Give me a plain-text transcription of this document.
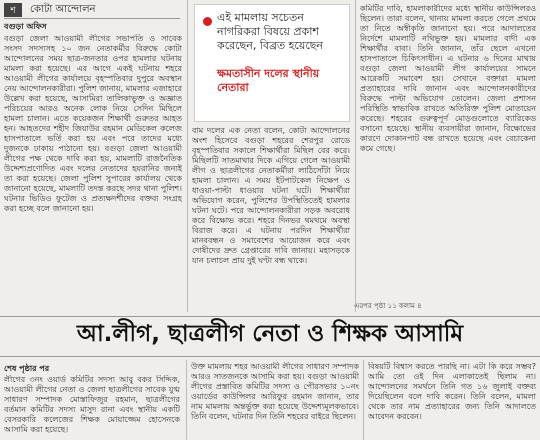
শ	কোটা আন্দোলন
বগুড়া অফিস

বগুড়া জেলা আওয়ামী লীগের সভাপতি ও সাবেক সংসদ সদস্যসহ ১০ জন নেতাকর্মীর বিরুদ্ধে কোটা আন্দোলনের সময় ছাত্র-জনতার ওপর হামলার ঘটনায় মামলা করা হয়েছে। এর আগে একই ঘটনায় শহরে আওয়ামী লীগের কার্যালয়ে বৃহস্পতিবার দুপুরে অবস্থান নেয় আন্দোলনকারীরা। পুলিশ জানায়, মামলার এজাহারে উল্লেখ করা হয়েছে, আসামিরা তালিকাভুক্ত ও অজ্ঞাত পরিচয়ের আরও অনেক লোক নিয়ে সেদিন মিছিলে হামলা চালান। এতে কয়েকজন শিক্ষার্থী গুরুতর আহত হন। আহতদের শহীদ জিয়াউর রহমান মেডিকেল কলেজ হাসপাতালে ভর্তি করা হয় এবং পরে তাদের মধ্যে দুজনকে ঢাকায় পাঠানো হয়। বগুড়া জেলা আওয়ামী লীগের পক্ষ থেকে দাবি করা হয়, মামলাটি রাজনৈতিক উদ্দেশ্যপ্রণোদিত এবং দলের নেতাদের হয়রানির জন্যই তা করা হয়েছে। জেলা পুলিশ সুপারের কার্যালয় থেকে জানানো হয়েছে, মামলাটি তদন্ত করছে সদর থানা পুলিশ। ঘটনার ভিডিও ফুটেজ ও প্রত্যক্ষদর্শীদের বক্তব্য সংগ্রহ করা হচ্ছে বলে জানানো হয়।

এই মামলায় সচেতন নাগরিকরা বিষয়ে প্রকাশ করেছেন, বিব্রত হয়েছেন
ক্ষমতাসীন দলের স্থানীয় নেতারা

বাম দলের এক নেতা বলেন, কোটা আন্দোলনের অংশ হিসেবে বগুড়া শহরের শেরপুর রোডে বৃহস্পতিবার সকালে শিক্ষার্থীরা মিছিল বের করে। মিছিলটি সাতমাথার দিকে এগিয়ে গেলে আওয়ামী লীগ ও ছাত্রলীগের নেতাকর্মীরা লাঠিসোঁটা নিয়ে হামলা চালান। এ সময় ইটপাটকেল নিক্ষেপ ও ধাওয়া-পাল্টা ধাওয়ার ঘটনা ঘটে। শিক্ষার্থীরা অভিযোগ করেন, পুলিশের উপস্থিতিতেই হামলার ঘটনা ঘটে। পরে আন্দোলনকারীরা সড়ক অবরোধ করে বিক্ষোভ করে। শহরে দিনভর থমথমে অবস্থা বিরাজ করে। এ ঘটনায় পরদিন শিক্ষার্থীরা মানববন্ধন ও সমাবেশের আয়োজন করে এবং দোষীদের দ্রুত গ্রেপ্তারের দাবি জানায়। মহাসড়কে যান চলাচল প্রায় দুই ঘণ্টা বন্ধ থাকে।

কমিটির দাবি, হামলাকারীদের মধ্যে স্থানীয় কাউন্সিলরও ছিলেন। তারা বলেন, থানায় মামলা করতে গেলে প্রথমে তা নিতে অস্বীকৃতি জানানো হয়। পরে আদালতের নির্দেশে মামলাটি নথিভুক্ত হয়। মামলার বাদী এক শিক্ষার্থীর বাবা। তিনি জানান, তাঁর ছেলে এখনো হাসপাতালে চিকিৎসাধীন। এ ঘটনার ৬ দিনের মাথায় বগুড়া জেলা আওয়ামী লীগ কার্যালয়ের সামনে আরেকটি সমাবেশ হয়। সেখানে বক্তারা মামলা প্রত্যাহারের দাবি জানান এবং আন্দোলনকারীদের বিরুদ্ধে পাল্টা অভিযোগ তোলেন। জেলা প্রশাসন পরিস্থিতি স্বাভাবিক রাখতে অতিরিক্ত পুলিশ মোতায়েন করেছে। শহরের গুরুত্বপূর্ণ মোড়গুলোতে ব্যারিকেড বসানো হয়েছে। স্থানীয় ব্যবসায়ীরা জানান, বিক্ষোভের কারণে দোকানপাট বন্ধ রাখতে হয়েছে এবং বেচাকেনা কমে গেছে।

এরপর পৃষ্ঠা ১১ কলাম ৪
আ.লীগ, ছাত্রলীগ নেতা ও শিক্ষক আসামি
শেষ পৃষ্ঠার পর

লীগের ৩নং ওয়ার্ড কমিটির সদস্য আবু বকর সিদ্দিক, আওয়ামী লীগের নেতা ও জেলা ছাত্রলীগের সাবেক যুগ্ম সাধারণ সম্পাদক মোস্তাফিজুর রহমান, ছাত্রলীগের বর্তমান কমিটির সদস্য মাসুদ রানা এবং স্থানীয় একটি বেসরকারি কলেজের শিক্ষক মোয়াজ্জেম হোসেনকে আসামি করা হয়েছে।

উক্ত মামলায় শহর আওয়ামী লীগের সাধারণ সম্পাদক আরও সাতজনকে আসামি করা হয়। বগুড়া আওয়ামী লীগের প্রস্তাবিত কমিটির সদস্য ও পৌরসভার ১০নং ওয়ার্ডের কাউন্সিলর আরিফুর রহমান জানান, তার নাম মামলায় অন্তর্ভুক্ত করা হয়েছে উদ্দেশ্যমূলকভাবে। তিনি বলেন, ঘটনার দিন তিনি শহরের বাইরে ছিলেন।

বিষয়টি বিশ্বাস করতে পারছি না। এটা কি করে সম্ভব? আমি তো ওই দিন এলাকাতেই ছিলাম না। আন্দোলনের সমর্থনে তিনি গত ১৬ জুলাই বক্তব্য দিয়েছিলেন বলে দাবি করেন। তিনি বলেন, মামলা থেকে তার নাম প্রত্যাহারের জন্য তিনি আদালতে আবেদন করবেন।
